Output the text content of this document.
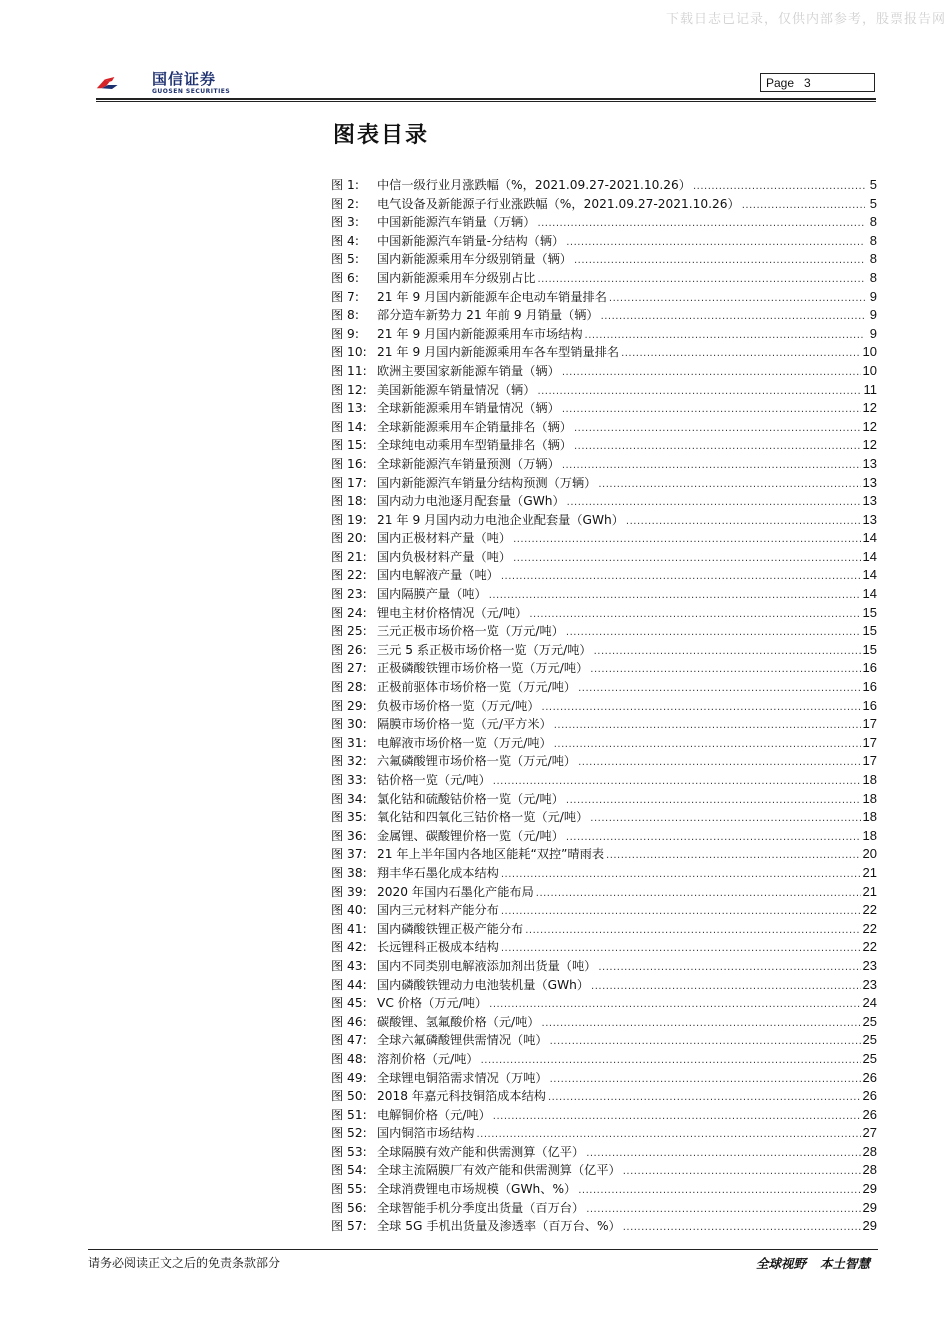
下载日志已记录，仅供内部参考，股票报告网
国信证券
GUOSEN SECURITIES
Page 3
图表目录
图 1:	中信一级行业月涨跌幅（%，2021.09.27-2021.10.26） .....	5
图 2:	电气设备及新能源子行业涨跌幅（%，2021.09.27-2021.10.26） .....	5
图 3:	中国新能源汽车销量（万辆） .....	8
图 4:	中国新能源汽车销量-分结构（辆） .....	8
图 5:	国内新能源乘用车分级别销量（辆） .....	8
图 6:	国内新能源乘用车分级别占比 .....	8
图 7:	21 年 9 月国内新能源车企电动车销量排名 .....	9
图 8:	部分造车新势力 21 年前 9 月销量（辆） .....	9
图 9:	21 年 9 月国内新能源乘用车市场结构 .....	9
图 10: 21 年 9 月国内新能源乘用车各车型销量排名 .....	10
图 11: 欧洲主要国家新能源车销量（辆） .....	10
图 12: 美国新能源车销量情况（辆） .....	11
图 13: 全球新能源乘用车销量情况（辆） .....	12
图 14: 全球新能源乘用车企销量排名（辆） .....	12
图 15: 全球纯电动乘用车型销量排名（辆） .....	12
图 16: 全球新能源汽车销量预测（万辆） .....	13
图 17: 国内新能源汽车销量分结构预测（万辆） .....	13
图 18: 国内动力电池逐月配套量（GWh） .....	13
图 19: 21 年 9 月国内动力电池企业配套量（GWh） .....	13
图 20: 国内正极材料产量（吨） .....	14
图 21: 国内负极材料产量（吨） .....	14
图 22: 国内电解液产量（吨） .....	14
图 23: 国内隔膜产量（吨） .....	14
图 24: 锂电主材价格情况（元/吨） .....	15
图 25: 三元正极市场价格一览（万元/吨） .....	15
图 26: 三元 5 系正极市场价格一览（万元/吨） .....	15
图 27: 正极磷酸铁锂市场价格一览（万元/吨） .....	16
图 28: 正极前驱体市场价格一览（万元/吨） .....	16
图 29: 负极市场价格一览（万元/吨） .....	16
图 30: 隔膜市场价格一览（元/平方米） .....	17
图 31: 电解液市场价格一览（万元/吨） .....	17
图 32: 六氟磷酸锂市场价格一览（万元/吨） .....	17
图 33: 钴价格一览（元/吨） .....	18
图 34: 氯化钴和硫酸钴价格一览（元/吨） .....	18
图 35: 氧化钴和四氧化三钴价格一览（元/吨） .....	18
图 36: 金属锂、碳酸锂价格一览（元/吨） .....	18
图 37: 21 年上半年国内各地区能耗“双控”晴雨表 .....	20
图 38: 翔丰华石墨化成本结构 .....	21
图 39: 2020 年国内石墨化产能布局 .....	21
图 40: 国内三元材料产能分布 .....	22
图 41: 国内磷酸铁锂正极产能分布 .....	22
图 42: 长远锂科正极成本结构 .....	22
图 43: 国内不同类别电解液添加剂出货量（吨） .....	23
图 44: 国内磷酸铁锂动力电池装机量（GWh） .....	23
图 45: VC 价格（万元/吨） .....	24
图 46: 碳酸锂、氢氟酸价格（元/吨） .....	25
图 47: 全球六氟磷酸锂供需情况（吨） .....	25
图 48: 溶剂价格（元/吨） .....	25
图 49: 全球锂电铜箔需求情况（万吨） .....	26
图 50: 2018 年嘉元科技铜箔成本结构 .....	26
图 51: 电解铜价格（元/吨） .....	26
图 52: 国内铜箔市场结构 .....	27
图 53: 全球隔膜有效产能和供需测算（亿平） .....	28
图 54: 全球主流隔膜厂有效产能和供需测算（亿平） .....	28
图 55: 全球消费锂电市场规模（GWh、%） .....	29
图 56: 全球智能手机分季度出货量（百万台） .....	29
图 57: 全球 5G 手机出货量及渗透率（百万台、%） .....	29
请务必阅读正文之后的免责条款部分	全球视野 本土智慧
